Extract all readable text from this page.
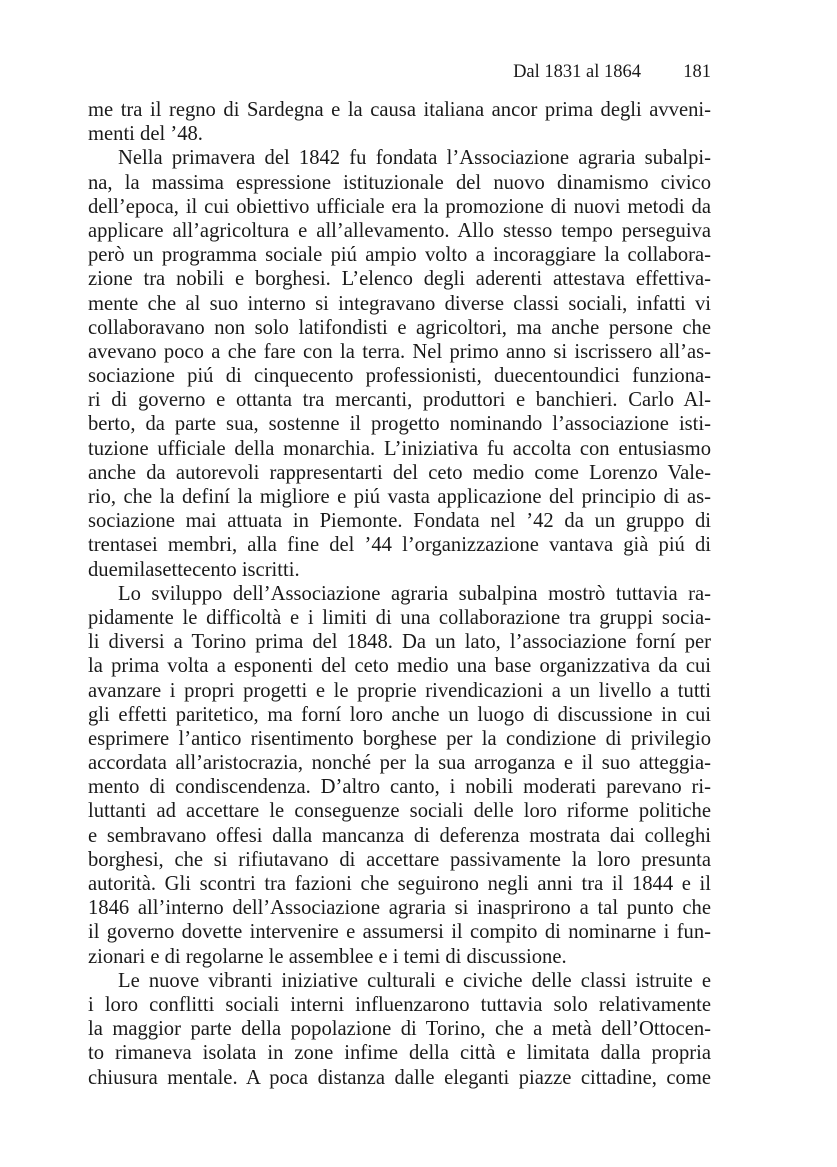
Dal 1831 al 1864 181
me tra il regno di Sardegna e la causa italiana ancor prima degli avveni-
menti del ’48.
Nella primavera del 1842 fu fondata l’Associazione agraria subalpi-
na, la massima espressione istituzionale del nuovo dinamismo civico
dell’epoca, il cui obiettivo ufficiale era la promozione di nuovi metodi da
applicare all’agricoltura e all’allevamento. Allo stesso tempo perseguiva
però un programma sociale piú ampio volto a incoraggiare la collabora-
zione tra nobili e borghesi. L’elenco degli aderenti attestava effettiva-
mente che al suo interno si integravano diverse classi sociali, infatti vi
collaboravano non solo latifondisti e agricoltori, ma anche persone che
avevano poco a che fare con la terra. Nel primo anno si iscrissero all’as-
sociazione piú di cinquecento professionisti, duecentoundici funziona-
ri di governo e ottanta tra mercanti, produttori e banchieri. Carlo Al-
berto, da parte sua, sostenne il progetto nominando l’associazione isti-
tuzione ufficiale della monarchia. L’iniziativa fu accolta con entusiasmo
anche da autorevoli rappresentarti del ceto medio come Lorenzo Vale-
rio, che la definí la migliore e piú vasta applicazione del principio di as-
sociazione mai attuata in Piemonte. Fondata nel ’42 da un gruppo di
trentasei membri, alla fine del ’44 l’organizzazione vantava già piú di
duemilasettecento iscritti.
Lo sviluppo dell’Associazione agraria subalpina mostrò tuttavia ra-
pidamente le difficoltà e i limiti di una collaborazione tra gruppi socia-
li diversi a Torino prima del 1848. Da un lato, l’associazione forní per
la prima volta a esponenti del ceto medio una base organizzativa da cui
avanzare i propri progetti e le proprie rivendicazioni a un livello a tutti
gli effetti paritetico, ma forní loro anche un luogo di discussione in cui
esprimere l’antico risentimento borghese per la condizione di privilegio
accordata all’aristocrazia, nonché per la sua arroganza e il suo atteggia-
mento di condiscendenza. D’altro canto, i nobili moderati parevano ri-
luttanti ad accettare le conseguenze sociali delle loro riforme politiche
e sembravano offesi dalla mancanza di deferenza mostrata dai colleghi
borghesi, che si rifiutavano di accettare passivamente la loro presunta
autorità. Gli scontri tra fazioni che seguirono negli anni tra il 1844 e il
1846 all’interno dell’Associazione agraria si inasprirono a tal punto che
il governo dovette intervenire e assumersi il compito di nominarne i fun-
zionari e di regolarne le assemblee e i temi di discussione.
Le nuove vibranti iniziative culturali e civiche delle classi istruite e
i loro conflitti sociali interni influenzarono tuttavia solo relativamente
la maggior parte della popolazione di Torino, che a metà dell’Ottocen-
to rimaneva isolata in zone infime della città e limitata dalla propria
chiusura mentale. A poca distanza dalle eleganti piazze cittadine, come
